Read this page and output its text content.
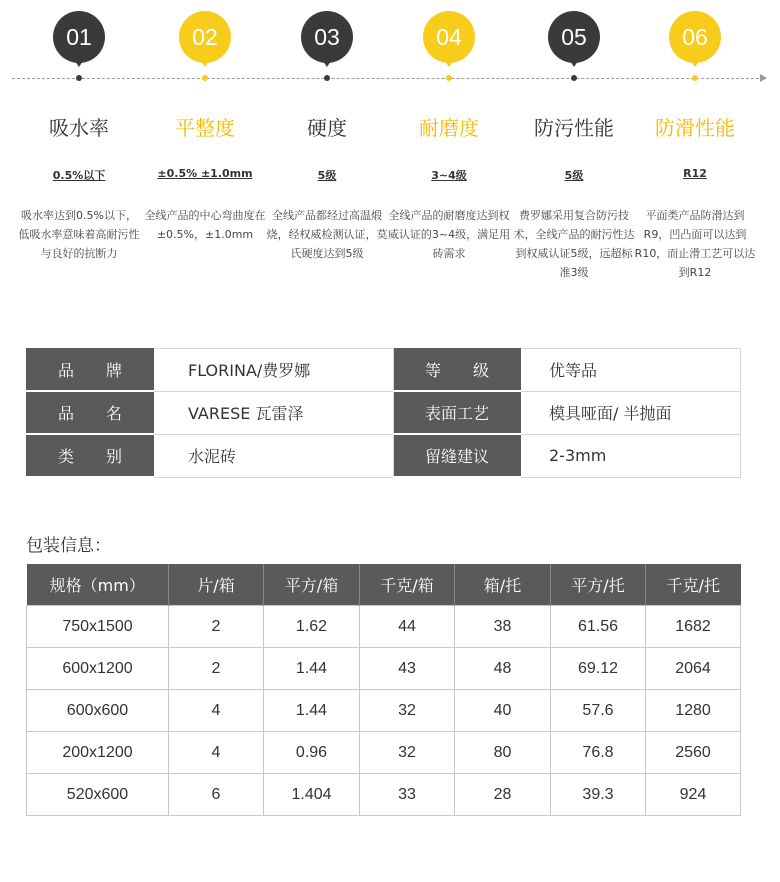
01
吸水率
0.5%以下
吸水率达到0.5%以下，低吸水率意味着高耐污性与良好的抗断力
02
平整度
±0.5% ±1.0mm
全线产品的中心弯曲度在±0.5%，±1.0mm
03
硬度
5级
全线产品都经过高温煅烧，经权威检测认证，莫氏硬度达到5级
04
耐磨度
3~4级
全线产品的耐磨度达到权威认证的3~4级，满足用砖需求
05
防污性能
5级
费罗娜采用复合防污技术，全线产品的耐污性达到权威认证5级，远超标准3级
06
防滑性能
R12
平面类产品防滑达到R9，凹凸面可以达到R10，而止滑工艺可以达到R12
品　　牌	FLORINA/费罗娜	等　　级	优等品
品　　名	VARESE 瓦雷泽	表面工艺	模具哑面/ 半抛面
类　　别	水泥砖	留缝建议	2-3mm
包装信息：
规格（mm）	片/箱	平方/箱	千克/箱	箱/托	平方/托	千克/托
750x1500	2	1.62	44	38	61.56	1682
600x1200	2	1.44	43	48	69.12	2064
600x600	4	1.44	32	40	57.6	1280
200x1200	4	0.96	32	80	76.8	2560
520x600	6	1.404	33	28	39.3	924
